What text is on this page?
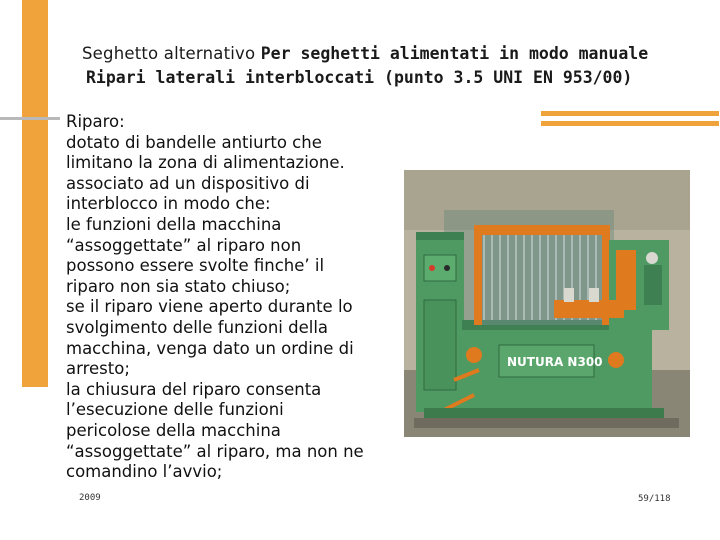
Seghetto alternativo Per seghetti alimentati in modo manuale
Ripari laterali interbloccati (punto 3.5 UNI EN 953/00)
Riparo:
dotato di bandelle antiurto che
limitano la zona di alimentazione.
associato ad un dispositivo di
interblocco in modo che:
le funzioni della macchina
“assoggettate” al riparo non
possono essere svolte finche’ il
riparo non sia stato chiuso;
se il riparo viene aperto durante lo
svolgimento delle funzioni della
macchina, venga dato un ordine di
arresto;
la chiusura del riparo consenta
l’esecuzione delle funzioni
pericolose della macchina
“assoggettate” al riparo, ma non ne
comandino l’avvio;
NUTURA N300
2009	59/118
